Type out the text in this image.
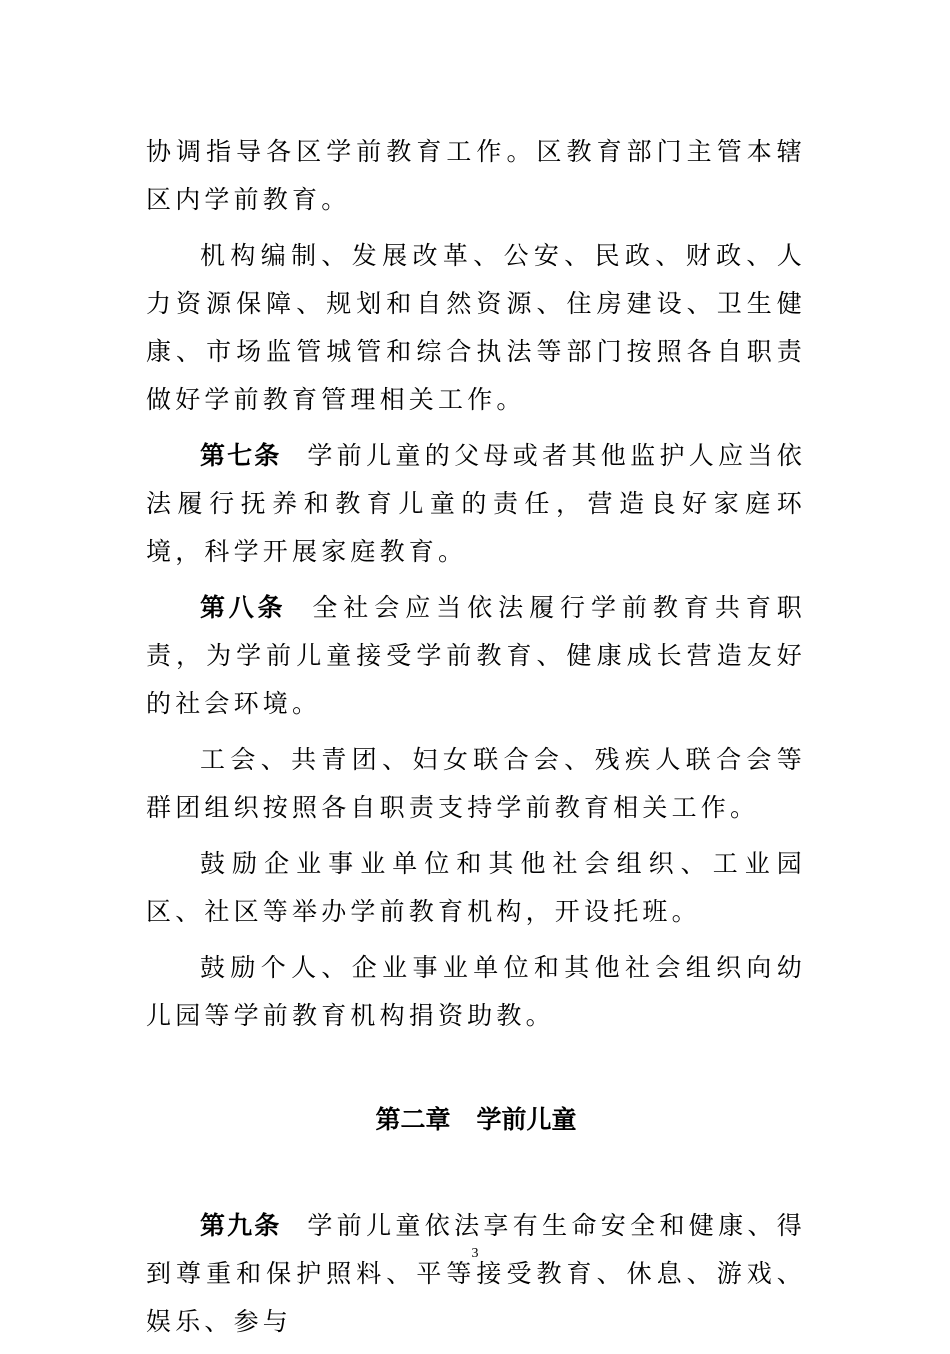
协调指导各区学前教育工作。区教育部门主管本辖区内学前教育。

机构编制、发展改革、公安、民政、财政、人力资源保障、规划和自然资源、住房建设、卫生健康、市场监管城管和综合执法等部门按照各自职责做好学前教育管理相关工作。

第七条 学前儿童的父母或者其他监护人应当依法履行抚养和教育儿童的责任，营造良好家庭环境，科学开展家庭教育。

第八条 全社会应当依法履行学前教育共育职责，为学前儿童接受学前教育、健康成长营造友好的社会环境。

工会、共青团、妇女联合会、残疾人联合会等群团组织按照各自职责支持学前教育相关工作。

鼓励企业事业单位和其他社会组织、工业园区、社区等举办学前教育机构，开设托班。

鼓励个人、企业事业单位和其他社会组织向幼儿园等学前教育机构捐资助教。

第二章 学前儿童

第九条 学前儿童依法享有生命安全和健康、得到尊重和保护照料、平等接受教育、休息、游戏、娱乐、参与

3
